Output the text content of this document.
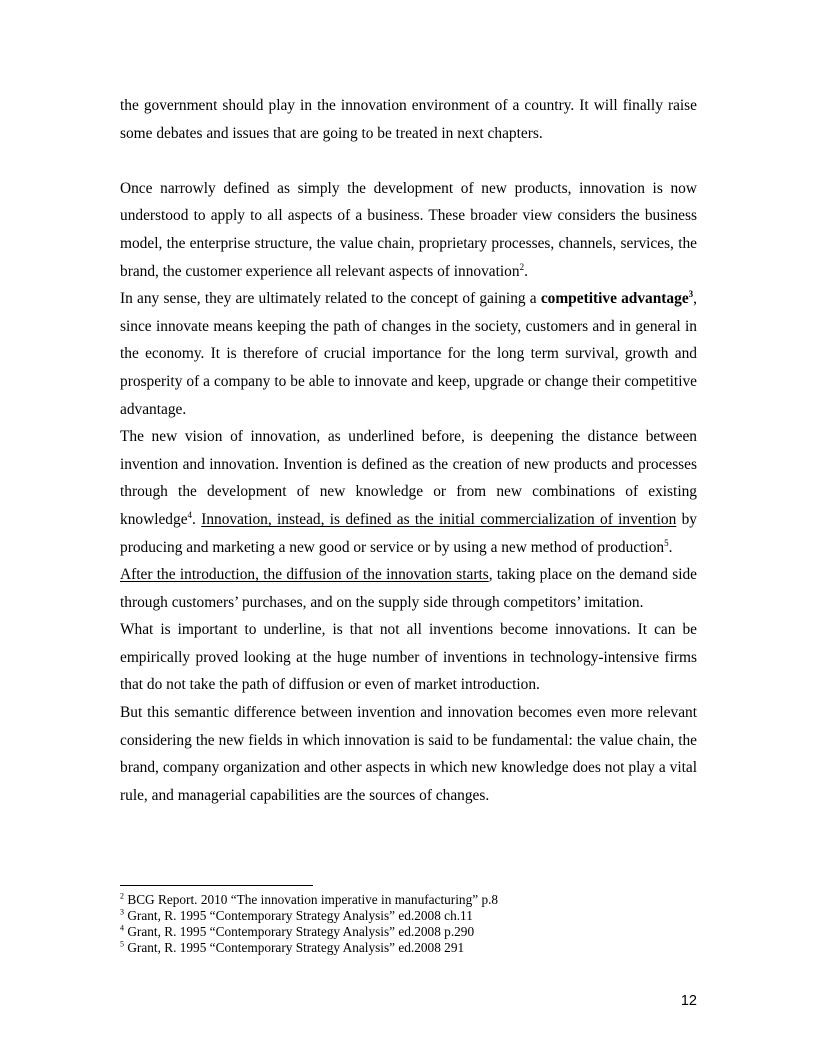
the government should play in the innovation environment of a country. It will finally raise some debates and issues that are going to be treated in next chapters.

Once narrowly defined as simply the development of new products, innovation is now understood to apply to all aspects of a business. These broader view considers the business model, the enterprise structure, the value chain, proprietary processes, channels, services, the brand, the customer experience all relevant aspects of innovation$^2$.

In any sense, they are ultimately related to the concept of gaining a competitive advantage$^3$, since innovate means keeping the path of changes in the society, customers and in general in the economy. It is therefore of crucial importance for the long term survival, growth and prosperity of a company to be able to innovate and keep, upgrade or change their competitive advantage.

The new vision of innovation, as underlined before, is deepening the distance between invention and innovation. Invention is defined as the creation of new products and processes through the development of new knowledge or from new combinations of existing knowledge$^4$. Innovation, instead, is defined as the initial commercialization of invention by producing and marketing a new good or service or by using a new method of production$^5$.

After the introduction, the diffusion of the innovation starts, taking place on the demand side through customers’ purchases, and on the supply side through competitors’ imitation.

What is important to underline, is that not all inventions become innovations. It can be empirically proved looking at the huge number of inventions in technology-intensive firms that do not take the path of diffusion or even of market introduction.

But this semantic difference between invention and innovation becomes even more relevant considering the new fields in which innovation is said to be fundamental: the value chain, the brand, company organization and other aspects in which new knowledge does not play a vital rule, and managerial capabilities are the sources of changes.

$^2$ BCG Report. 2010 “The innovation imperative in manufacturing” p.8
$^3$ Grant, R. 1995 “Contemporary Strategy Analysis” ed.2008 ch.11
$^4$ Grant, R. 1995 “Contemporary Strategy Analysis” ed.2008 p.290
$^5$ Grant, R. 1995 “Contemporary Strategy Analysis” ed.2008 291
12
